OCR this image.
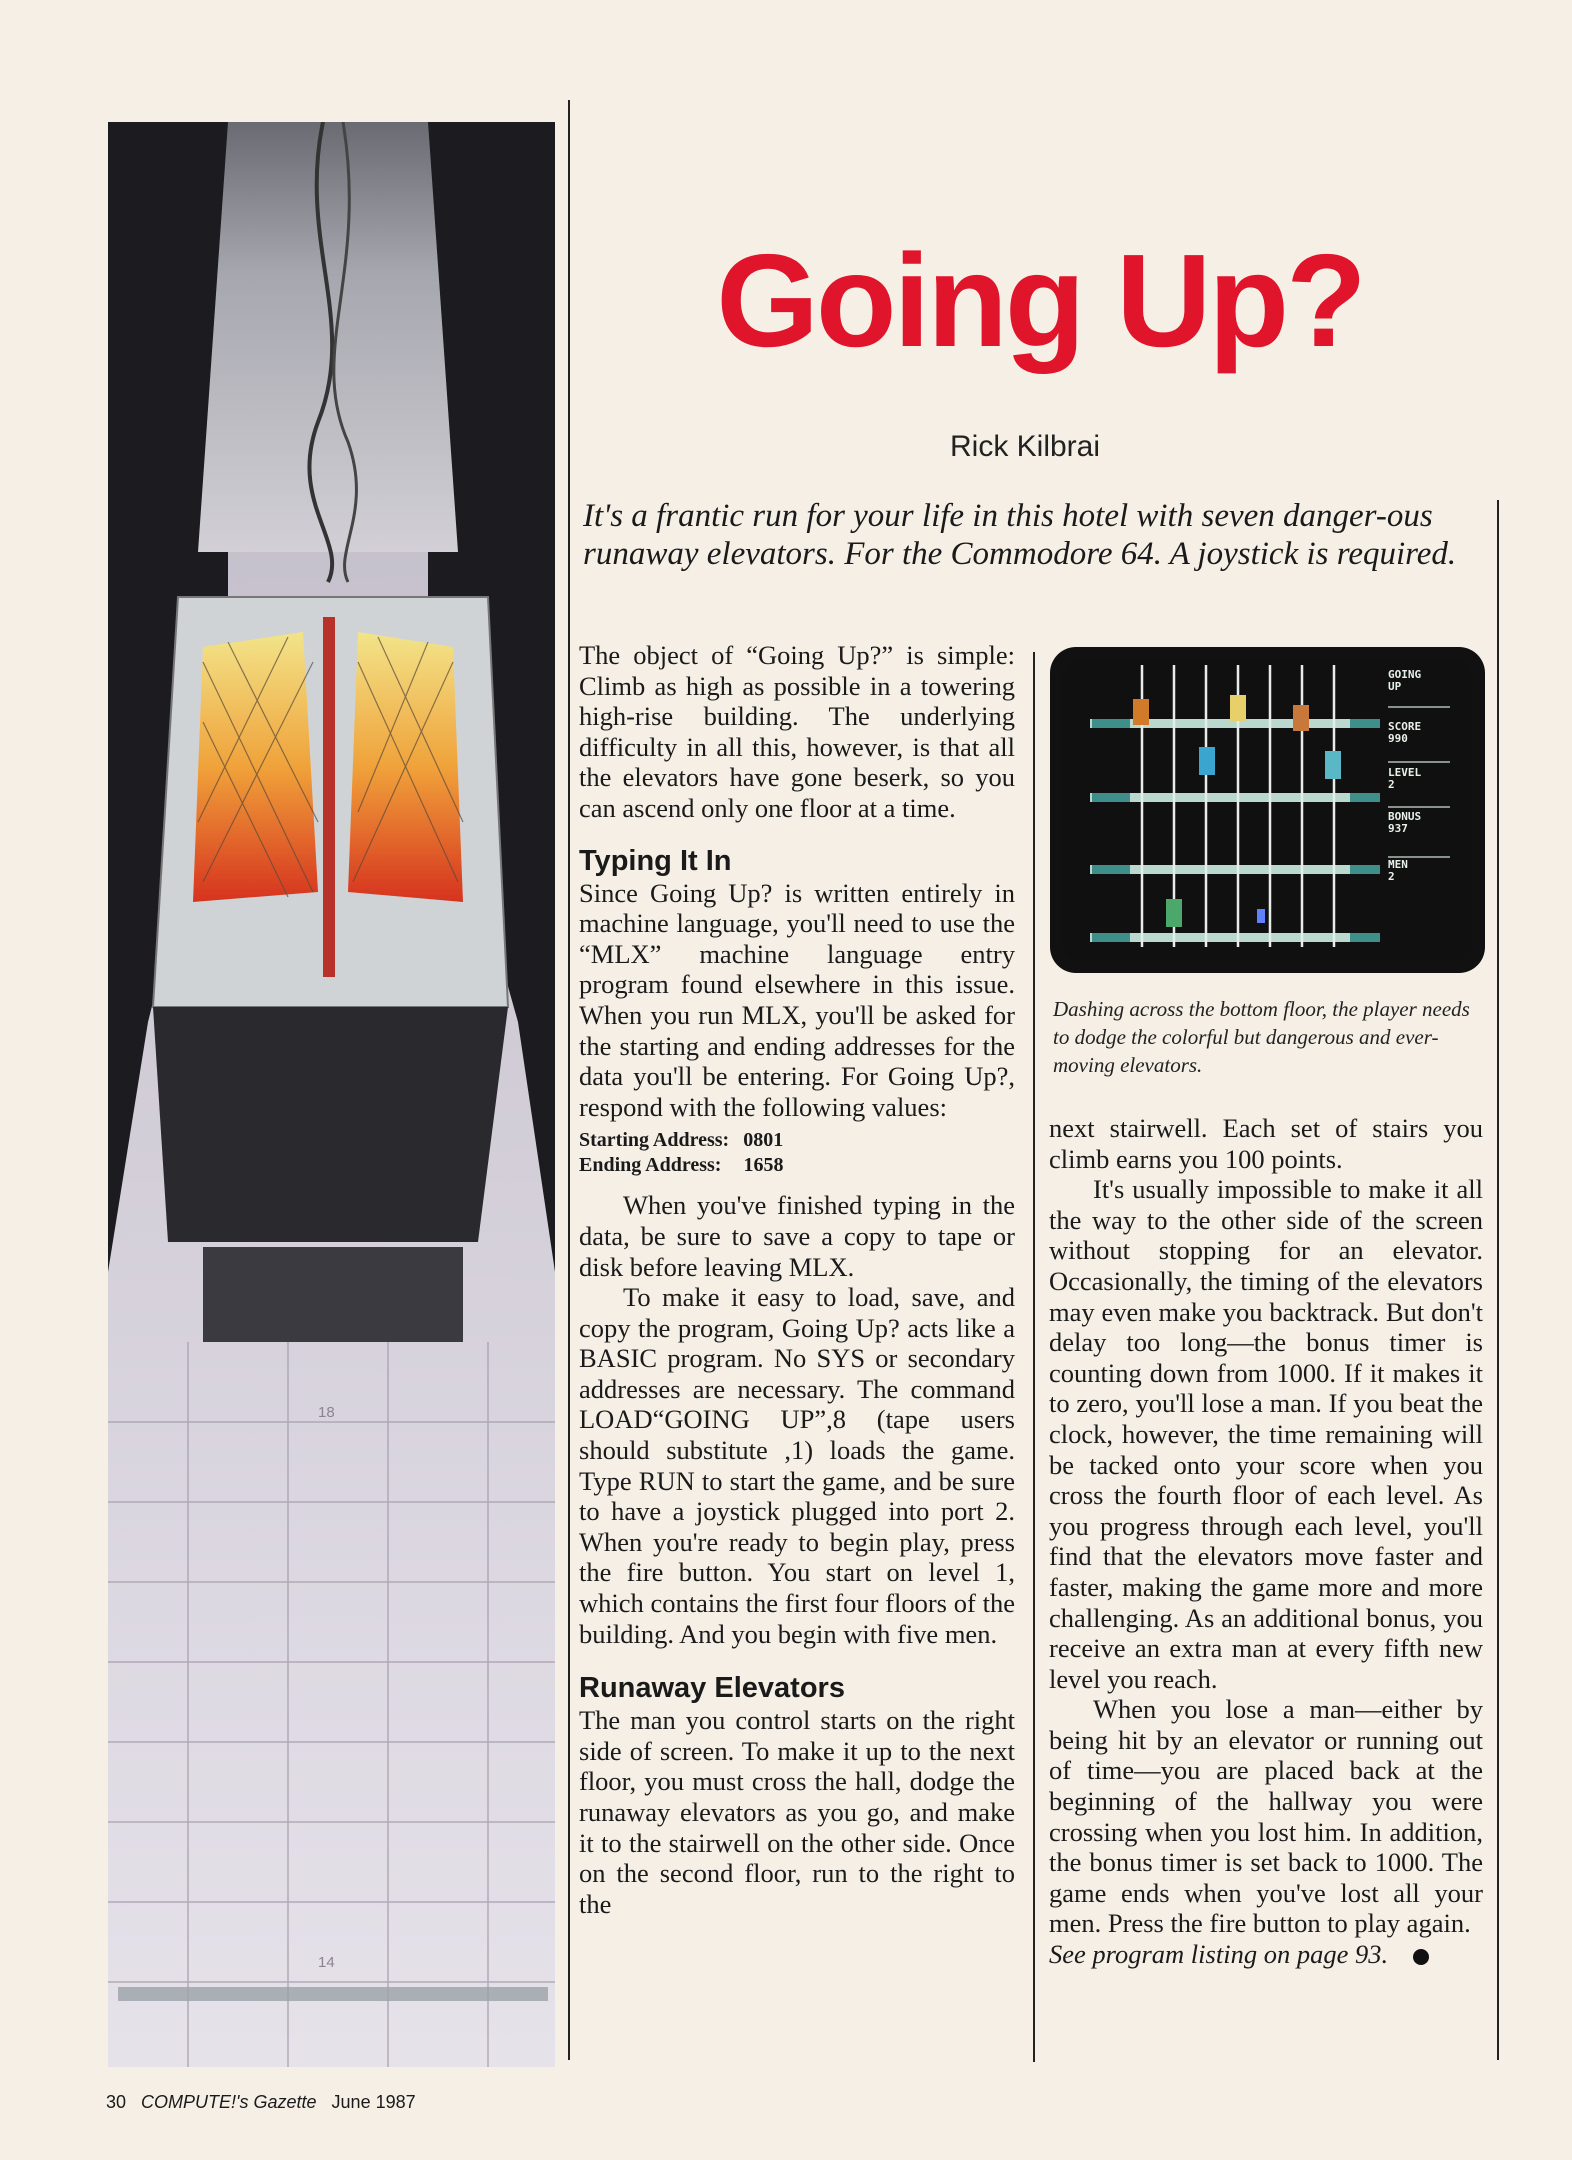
18
14
Going Up?
Rick Kilbrai
It's a frantic run for your life in this hotel with seven danger-ous runaway elevators. For the Commodore 64. A joystick is required.

The object of “Going Up?” is simple: Climb as high as possible in a towering high-rise building. The underlying difficulty in all this, however, is that all the elevators have gone beserk, so you can ascend only one floor at a time.

Typing It In

Since Going Up? is written entirely in machine language, you'll need to use the “MLX” machine language entry program found elsewhere in this issue. When you run MLX, you'll be asked for the starting and ending addresses for the data you'll be entering. For Going Up?, respond with the following values:

Starting Address: 0801
Ending Address: 1658

When you've finished typing in the data, be sure to save a copy to tape or disk before leaving MLX.

To make it easy to load, save, and copy the program, Going Up? acts like a BASIC program. No SYS or secondary addresses are necessary. The command LOAD“GOING UP”,8 (tape users should substitute ,1) loads the game. Type RUN to start the game, and be sure to have a joystick plugged into port 2. When you're ready to begin play, press the fire button. You start on level 1, which contains the first four floors of the building. And you begin with five men.

Runaway Elevators

The man you control starts on the right side of screen. To make it up to the next floor, you must cross the hall, dodge the runaway elevators as you go, and make it to the stairwell on the other side. Once on the second floor, run to the right to the

GOING UP
SCORE
990
LEVEL
2
BONUS
937
MEN
2
Dashing across the bottom floor, the player needs to dodge the colorful but dangerous and ever-moving elevators.

next stairwell. Each set of stairs you climb earns you 100 points.

It's usually impossible to make it all the way to the other side of the screen without stopping for an elevator. Occasionally, the timing of the elevators may even make you backtrack. But don't delay too long—the bonus timer is counting down from 1000. If it makes it to zero, you'll lose a man. If you beat the clock, however, the time remaining will be tacked onto your score when you cross the fourth floor of each level. As you progress through each level, you'll find that the elevators move faster and faster, making the game more and more challenging. As an additional bonus, you receive an extra man at every fifth new level you reach.

When you lose a man—either by being hit by an elevator or running out of time—you are placed back at the beginning of the hallway you were crossing when you lost him. In addition, the bonus timer is set back to 1000. The game ends when you've lost all your men. Press the fire button to play again.

See program listing on page 93.

30 COMPUTE!'s Gazette June 1987
